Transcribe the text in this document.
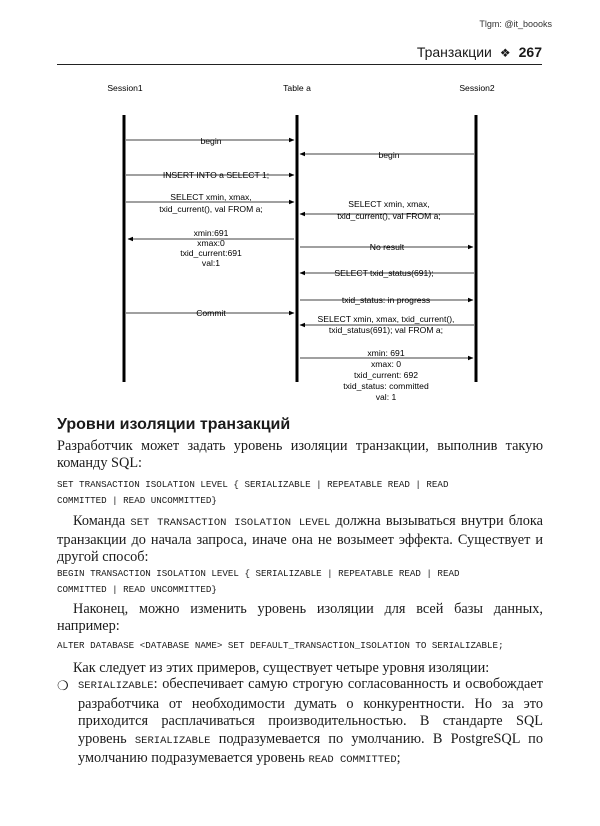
Tlgm: @it_boooks
Транзакции ❖ 267
Session1	Table a	Session2
begin
begin
INSERT INTO a SELECT 1;
SELECT xmin, xmax,
txid_current(), val FROM a;	SELECT xmin, xmax,
txid_current(), val FROM a;
xmin:691
xmax:0
txid_current:691
val:1
No result
SELECT txid_status(691);
txid_status: in progress
Commit
SELECT xmin, xmax, txid_current(),
txid_status(691); val FROM a;
xmin: 691
xmax: 0
txid_current: 692
txid_status: committed
val: 1
Уровни изоляции транзакций
Разработчик может задать уровень изоляции транзакции, выполнив такую команду SQL:
SET TRANSACTION ISOLATION LEVEL { SERIALIZABLE | REPEATABLE READ | READ
COMMITTED | READ UNCOMMITTED}
Команда SET TRANSACTION ISOLATION LEVEL должна вызываться внутри блока транзакции до начала запроса, иначе она не возымеет эффекта. Существует и другой способ:
BEGIN TRANSACTION ISOLATION LEVEL { SERIALIZABLE | REPEATABLE READ | READ
COMMITTED | READ UNCOMMITTED}
Наконец, можно изменить уровень изоляции для всей базы данных, например:
ALTER DATABASE <DATABASE NAME> SET DEFAULT_TRANSACTION_ISOLATION TO SERIALIZABLE;
Как следует из этих примеров, существует четыре уровня изоляции:
❍ SERIALIZABLE: обеспечивает самую строгую согласованность и освобождает разработчика от необходимости думать о конкурентности. Но за это приходится расплачиваться производительностью. В стандарте SQL уровень SERIALIZABLE подразумевается по умолчанию. В PostgreSQL по умолчанию подразумевается уровень READ COMMITTED;
